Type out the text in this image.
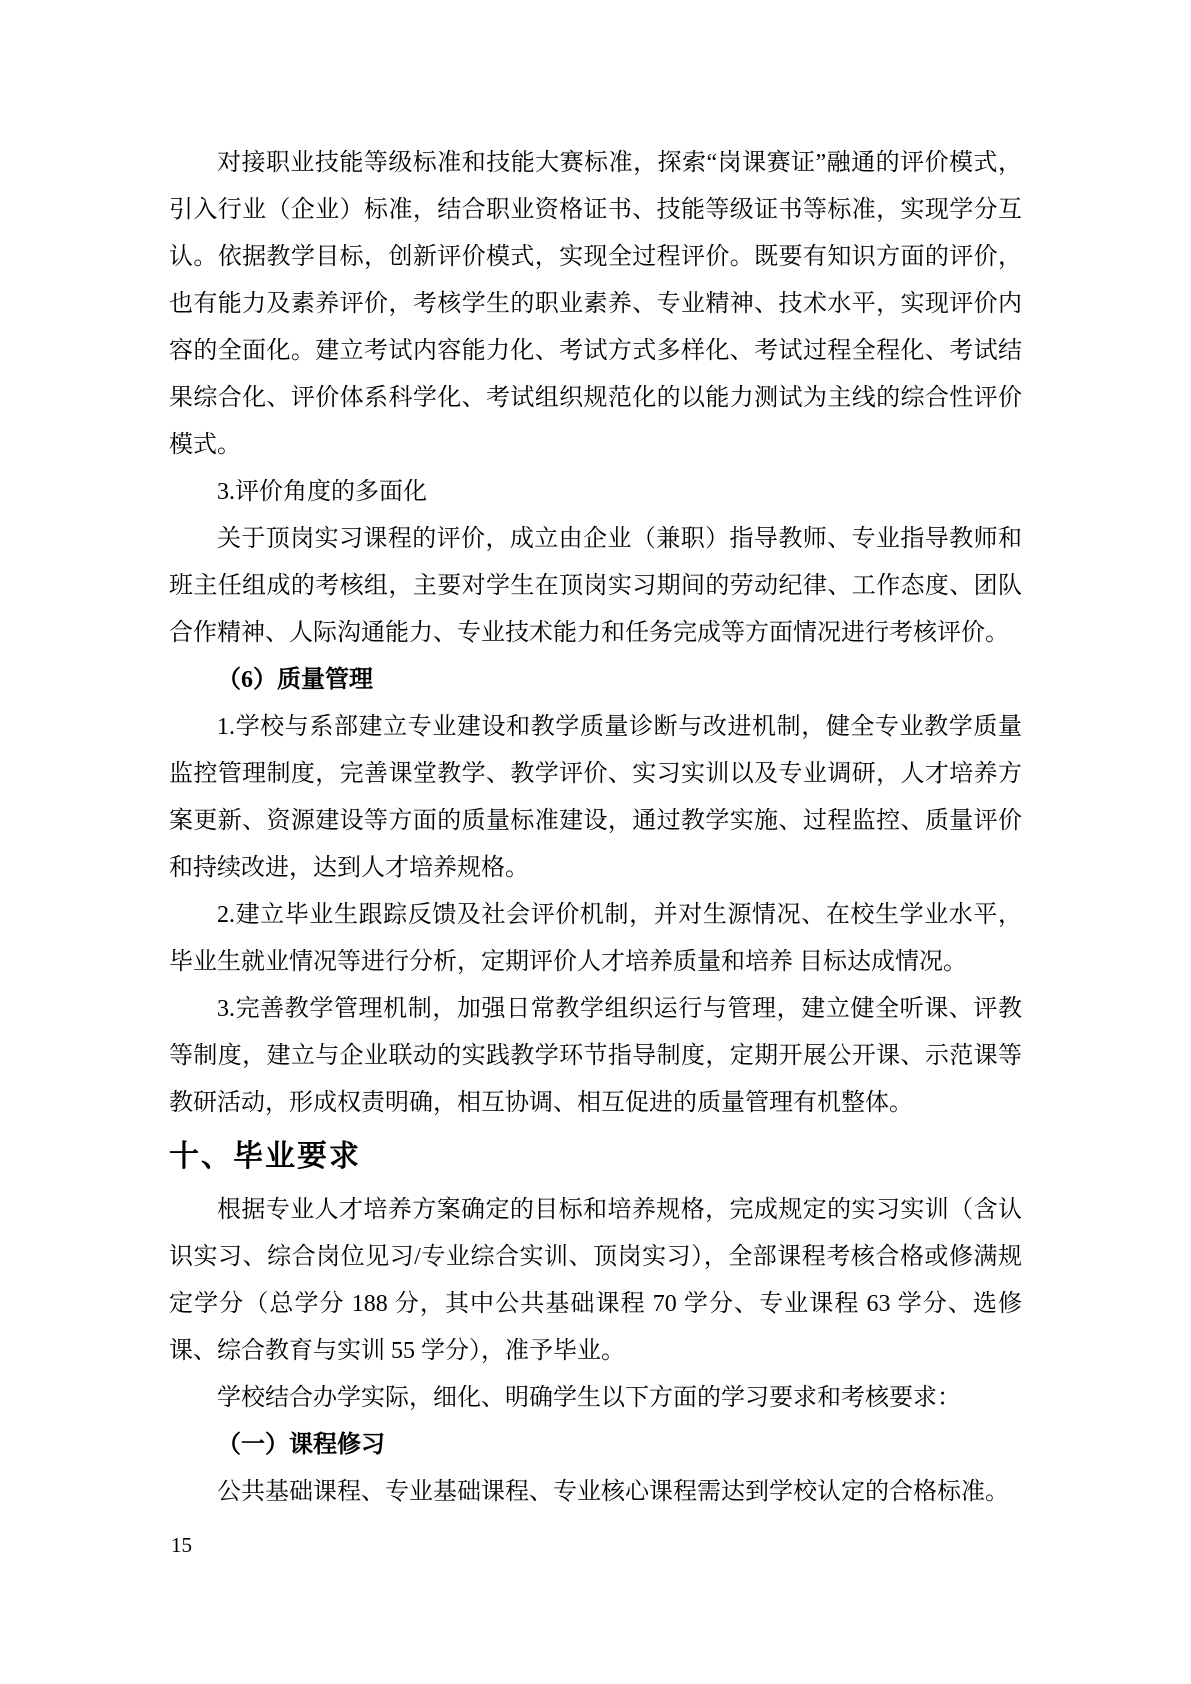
对接职业技能等级标准和技能大赛标准，探索“岗课赛证”融通的评价模式，引入行业（企业）标准，结合职业资格证书、技能等级证书等标准，实现学分互认。依据教学目标，创新评价模式，实现全过程评价。既要有知识方面的评价，也有能力及素养评价，考核学生的职业素养、专业精神、技术水平，实现评价内容的全面化。建立考试内容能力化、考试方式多样化、考试过程全程化、考试结果综合化、评价体系科学化、考试组织规范化的以能力测试为主线的综合性评价模式。

3.评价角度的多面化

关于顶岗实习课程的评价，成立由企业（兼职）指导教师、专业指导教师和班主任组成的考核组，主要对学生在顶岗实习期间的劳动纪律、工作态度、团队合作精神、人际沟通能力、专业技术能力和任务完成等方面情况进行考核评价。

（6）质量管理

1.学校与系部建立专业建设和教学质量诊断与改进机制，健全专业教学质量监控管理制度，完善课堂教学、教学评价、实习实训以及专业调研，人才培养方案更新、资源建设等方面的质量标准建设，通过教学实施、过程监控、质量评价和持续改进，达到人才培养规格。

2.建立毕业生跟踪反馈及社会评价机制，并对生源情况、在校生学业水平，毕业生就业情况等进行分析，定期评价人才培养质量和培养 目标达成情况。

3.完善教学管理机制，加强日常教学组织运行与管理，建立健全听课、评教等制度，建立与企业联动的实践教学环节指导制度，定期开展公开课、示范课等教研活动，形成权责明确，相互协调、相互促进的质量管理有机整体。

十、毕业要求

根据专业人才培养方案确定的目标和培养规格，完成规定的实习实训（含认识实习、综合岗位见习/专业综合实训、顶岗实习），全部课程考核合格或修满规定学分（总学分 188 分，其中公共基础课程 70 学分、专业课程 63 学分、选修课、综合教育与实训 55 学分），准予毕业。

学校结合办学实际，细化、明确学生以下方面的学习要求和考核要求：

（一）课程修习

公共基础课程、专业基础课程、专业核心课程需达到学校认定的合格标准。

15
